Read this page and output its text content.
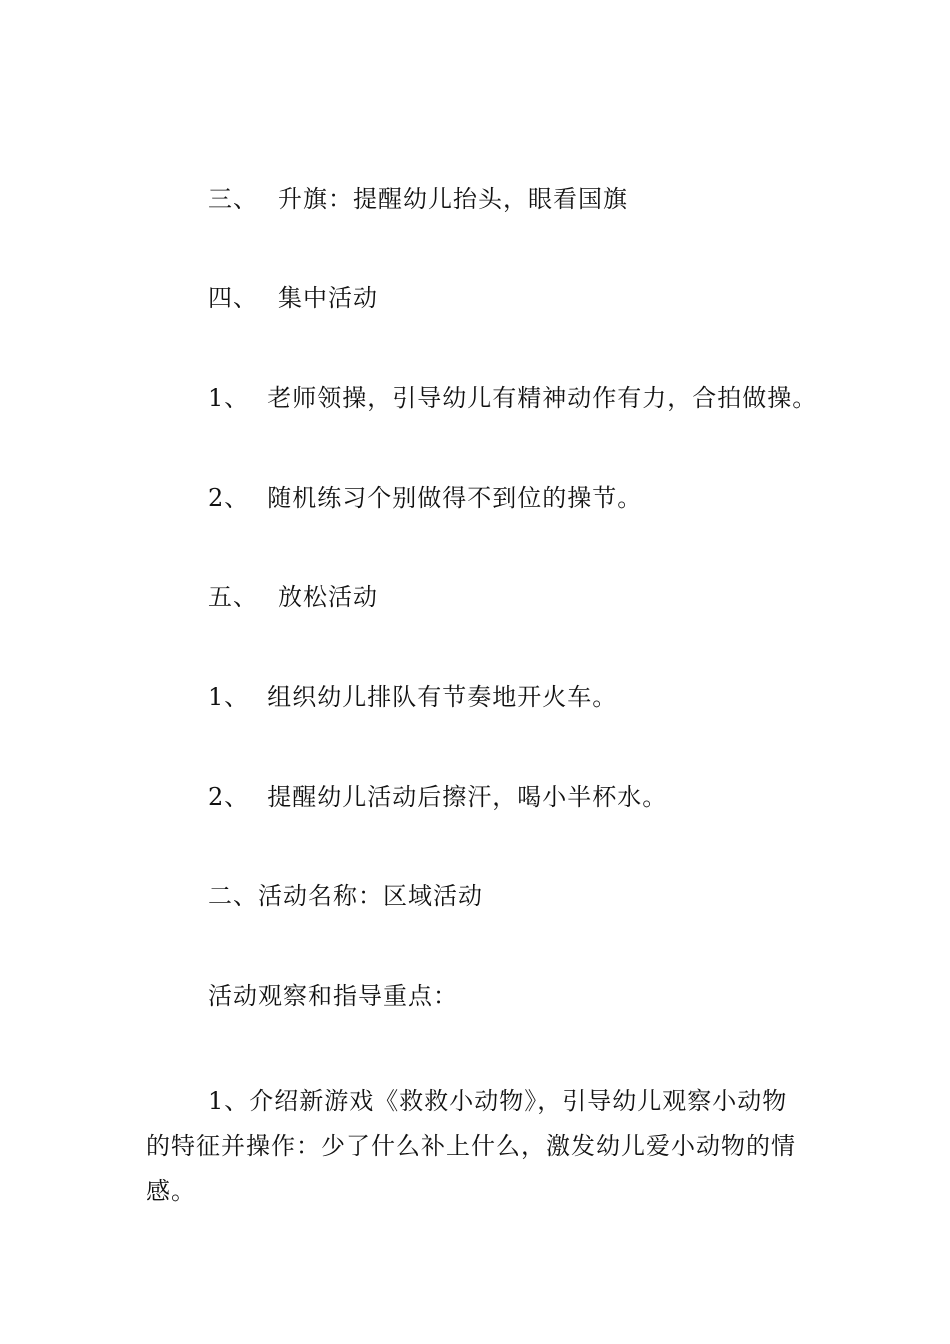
三、 升旗：提醒幼儿抬头，眼看国旗
四、 集中活动
1、 老师领操，引导幼儿有精神动作有力，合拍做操。
2、 随机练习个别做得不到位的操节。
五、 放松活动
1、 组织幼儿排队有节奏地开火车。
2、 提醒幼儿活动后擦汗，喝小半杯水。
二、活动名称：区域活动
活动观察和指导重点：
1、介绍新游戏《救救小动物》，引导幼儿观察小动物的特征并操作：少了什么补上什么，激发幼儿爱小动物的情感。
